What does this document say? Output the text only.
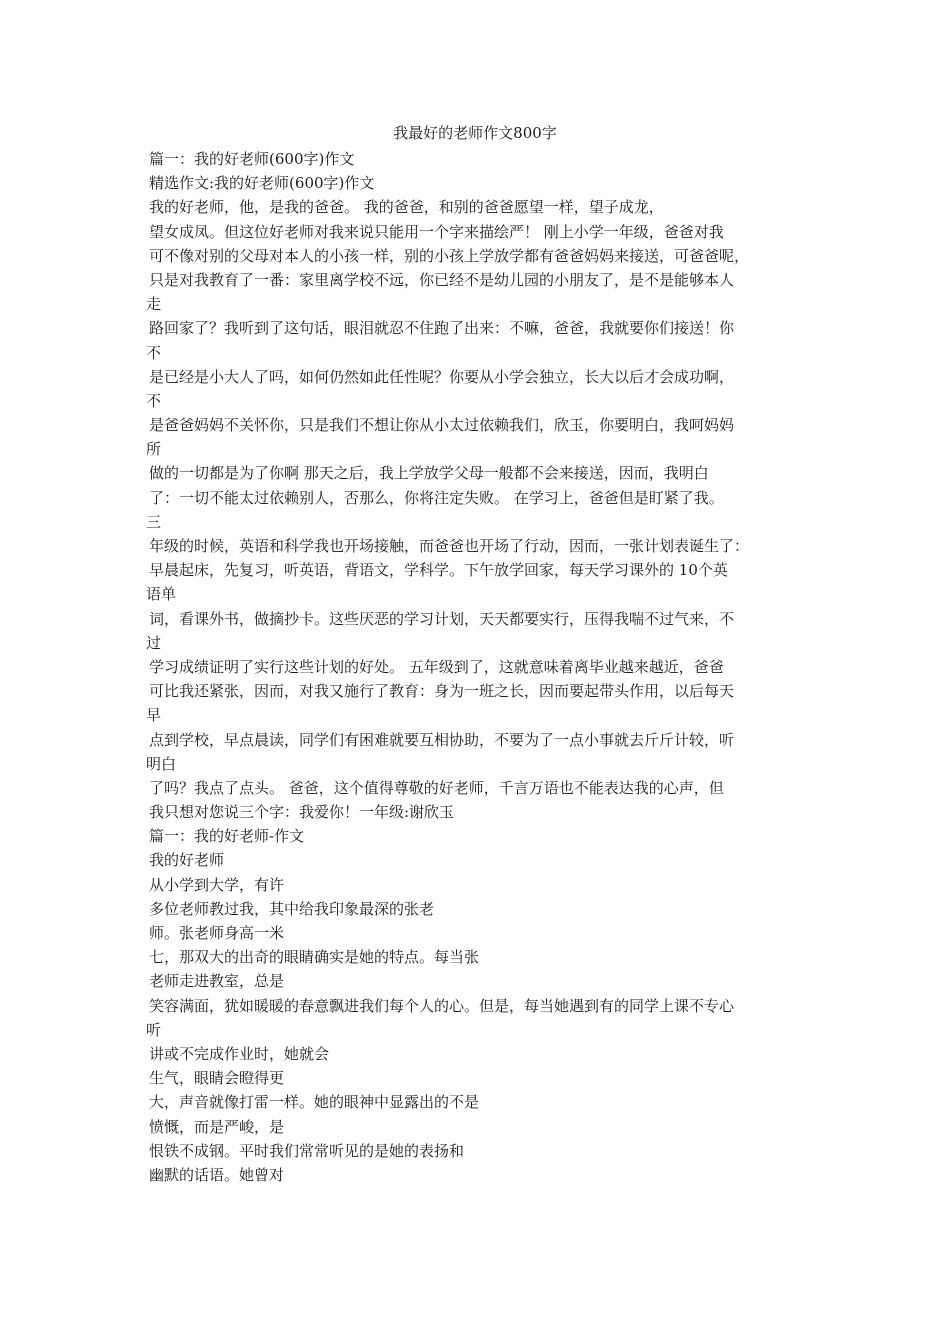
我最好的老师作文800字
篇一：我的好老师(600字)作文
精选作文:我的好老师(600字)作文
我的好老师，他，是我的爸爸。 我的爸爸，和别的爸爸愿望一样，望子成龙，
望女成凤。但这位好老师对我来说只能用一个字来描绘严！ 刚上小学一年级，爸爸对我
可不像对别的父母对本人的小孩一样，别的小孩上学放学都有爸爸妈妈来接送，可爸爸呢，
只是对我教育了一番：家里离学校不远，你已经不是幼儿园的小朋友了，是不是能够本人
走
路回家了？我听到了这句话，眼泪就忍不住跑了出来：不嘛，爸爸，我就要你们接送！你
不
是已经是小大人了吗，如何仍然如此任性呢？你要从小学会独立，长大以后才会成功啊，
不
是爸爸妈妈不关怀你，只是我们不想让你从小太过依赖我们，欣玉，你要明白，我呵妈妈
所
做的一切都是为了你啊 那天之后，我上学放学父母一般都不会来接送，因而，我明白
了：一切不能太过依赖别人，否那么，你将注定失败。 在学习上，爸爸但是盯紧了我。
三
年级的时候，英语和科学我也开场接触，而爸爸也开场了行动，因而，一张计划表诞生了：
早晨起床，先复习，听英语，背语文，学科学。下午放学回家，每天学习课外的 10个英
语单
词，看课外书，做摘抄卡。这些厌恶的学习计划，天天都要实行，压得我喘不过气来，不
过
学习成绩证明了实行这些计划的好处。 五年级到了，这就意味着离毕业越来越近，爸爸
可比我还紧张，因而，对我又施行了教育：身为一班之长，因而要起带头作用，以后每天
早
点到学校，早点晨读，同学们有困难就要互相协助，不要为了一点小事就去斤斤计较，听
明白
了吗？我点了点头。 爸爸，这个值得尊敬的好老师，千言万语也不能表达我的心声，但
我只想对您说三个字：我爱你！一年级:谢欣玉
篇一：我的好老师-作文
我的好老师
从小学到大学，有许
多位老师教过我，其中给我印象最深的张老
师。张老师身高一米
七，那双大的出奇的眼睛确实是她的特点。每当张
老师走进教室，总是
笑容满面，犹如暖暖的春意飘进我们每个人的心。但是，每当她遇到有的同学上课不专心
听
讲或不完成作业时，她就会
生气，眼睛会瞪得更
大，声音就像打雷一样。她的眼神中显露出的不是
愤慨，而是严峻，是
恨铁不成钢。平时我们常常听见的是她的表扬和
幽默的话语。她曾对
